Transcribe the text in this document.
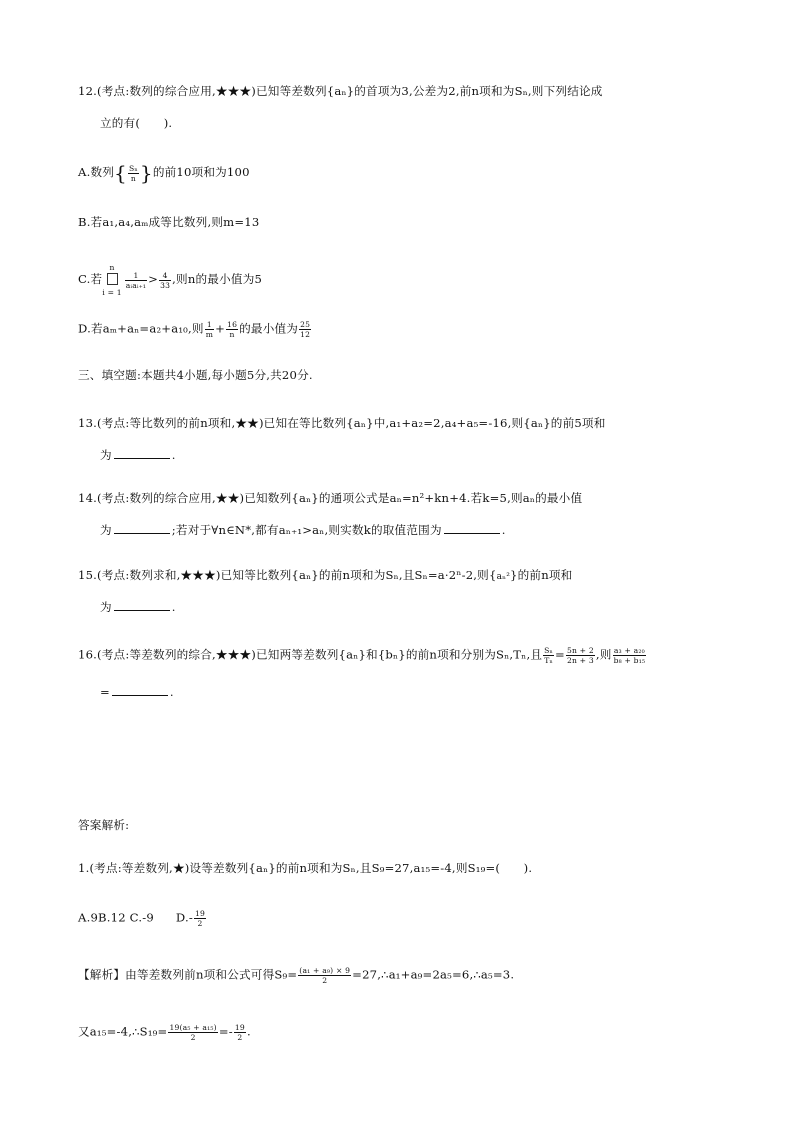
12.(考点:数列的综合应用,★★★)已知等差数列{aₙ}的首项为3,公差为2,前n项和为Sₙ,则下列结论成
立的有(　　).
A.数列{ $\frac{\text{Sₙ}}{n}$ }的前10项和为100
B.若a₁,a₄,aₘ成等比数列,则m=13
C.若
n
i = 1
$\frac{1}{\text{aᵢaᵢ₊₁}} > \frac{4}{33}$ ,则n的最小值为5
D.若aₘ+aₙ=a₂+a₁₀,则 $\frac{1}{m} + \frac{16}{n}$ 的最小值为 $\frac{25}{12}$
三、填空题:本题共4小题,每小题5分,共20分.
13.(考点:等比数列的前n项和,★★)已知在等比数列{aₙ}中,a₁+a₂=2,a₄+a₅=-16,则{aₙ}的前5项和
为	.
14.(考点:数列的综合应用,★★)已知数列{aₙ}的通项公式是aₙ=n²+kn+4.若k=5,则aₙ的最小值
为	;若对于∀n∈N*,都有aₙ₊₁>aₙ,则实数k的取值范围为	.
15.(考点:数列求和,★★★)已知等比数列{aₙ}的前n项和为Sₙ,且Sₙ=a·2ⁿ-2,则{aₙ²}的前n项和
为	.
16.(考点:等差数列的综合,★★★)已知两等差数列{aₙ}和{bₙ}的前n项和分别为Sₙ,Tₙ,且 $\frac{\text{Sₙ}}{\text{Tₙ}} = \frac{5n + 2}{2n + 3}$ ,则 $\frac{\text{a₃ + a₂₀}}{\text{b₈ + b₁₅}}$
=	.
答案解析:
1.(考点:等差数列,★)设等差数列{aₙ}的前n项和为Sₙ,且S₉=27,a₁₅=-4,则S₁₉=(　　).
A.9B.12 C.-9 $D.- \frac{19}{2}$
【解析】由等差数列前n项和公式可得$S_9= \frac{\text{(a₁ + a₉) × 9}}{2}$ =27,∴a₁+a₉=2a₅=6,∴a₅=3.
又a₁₅=-4,∴S₁₉= $\frac{\text{19(a₅ + a₁₅)}}{2} =- \frac{19}{2}$ .
